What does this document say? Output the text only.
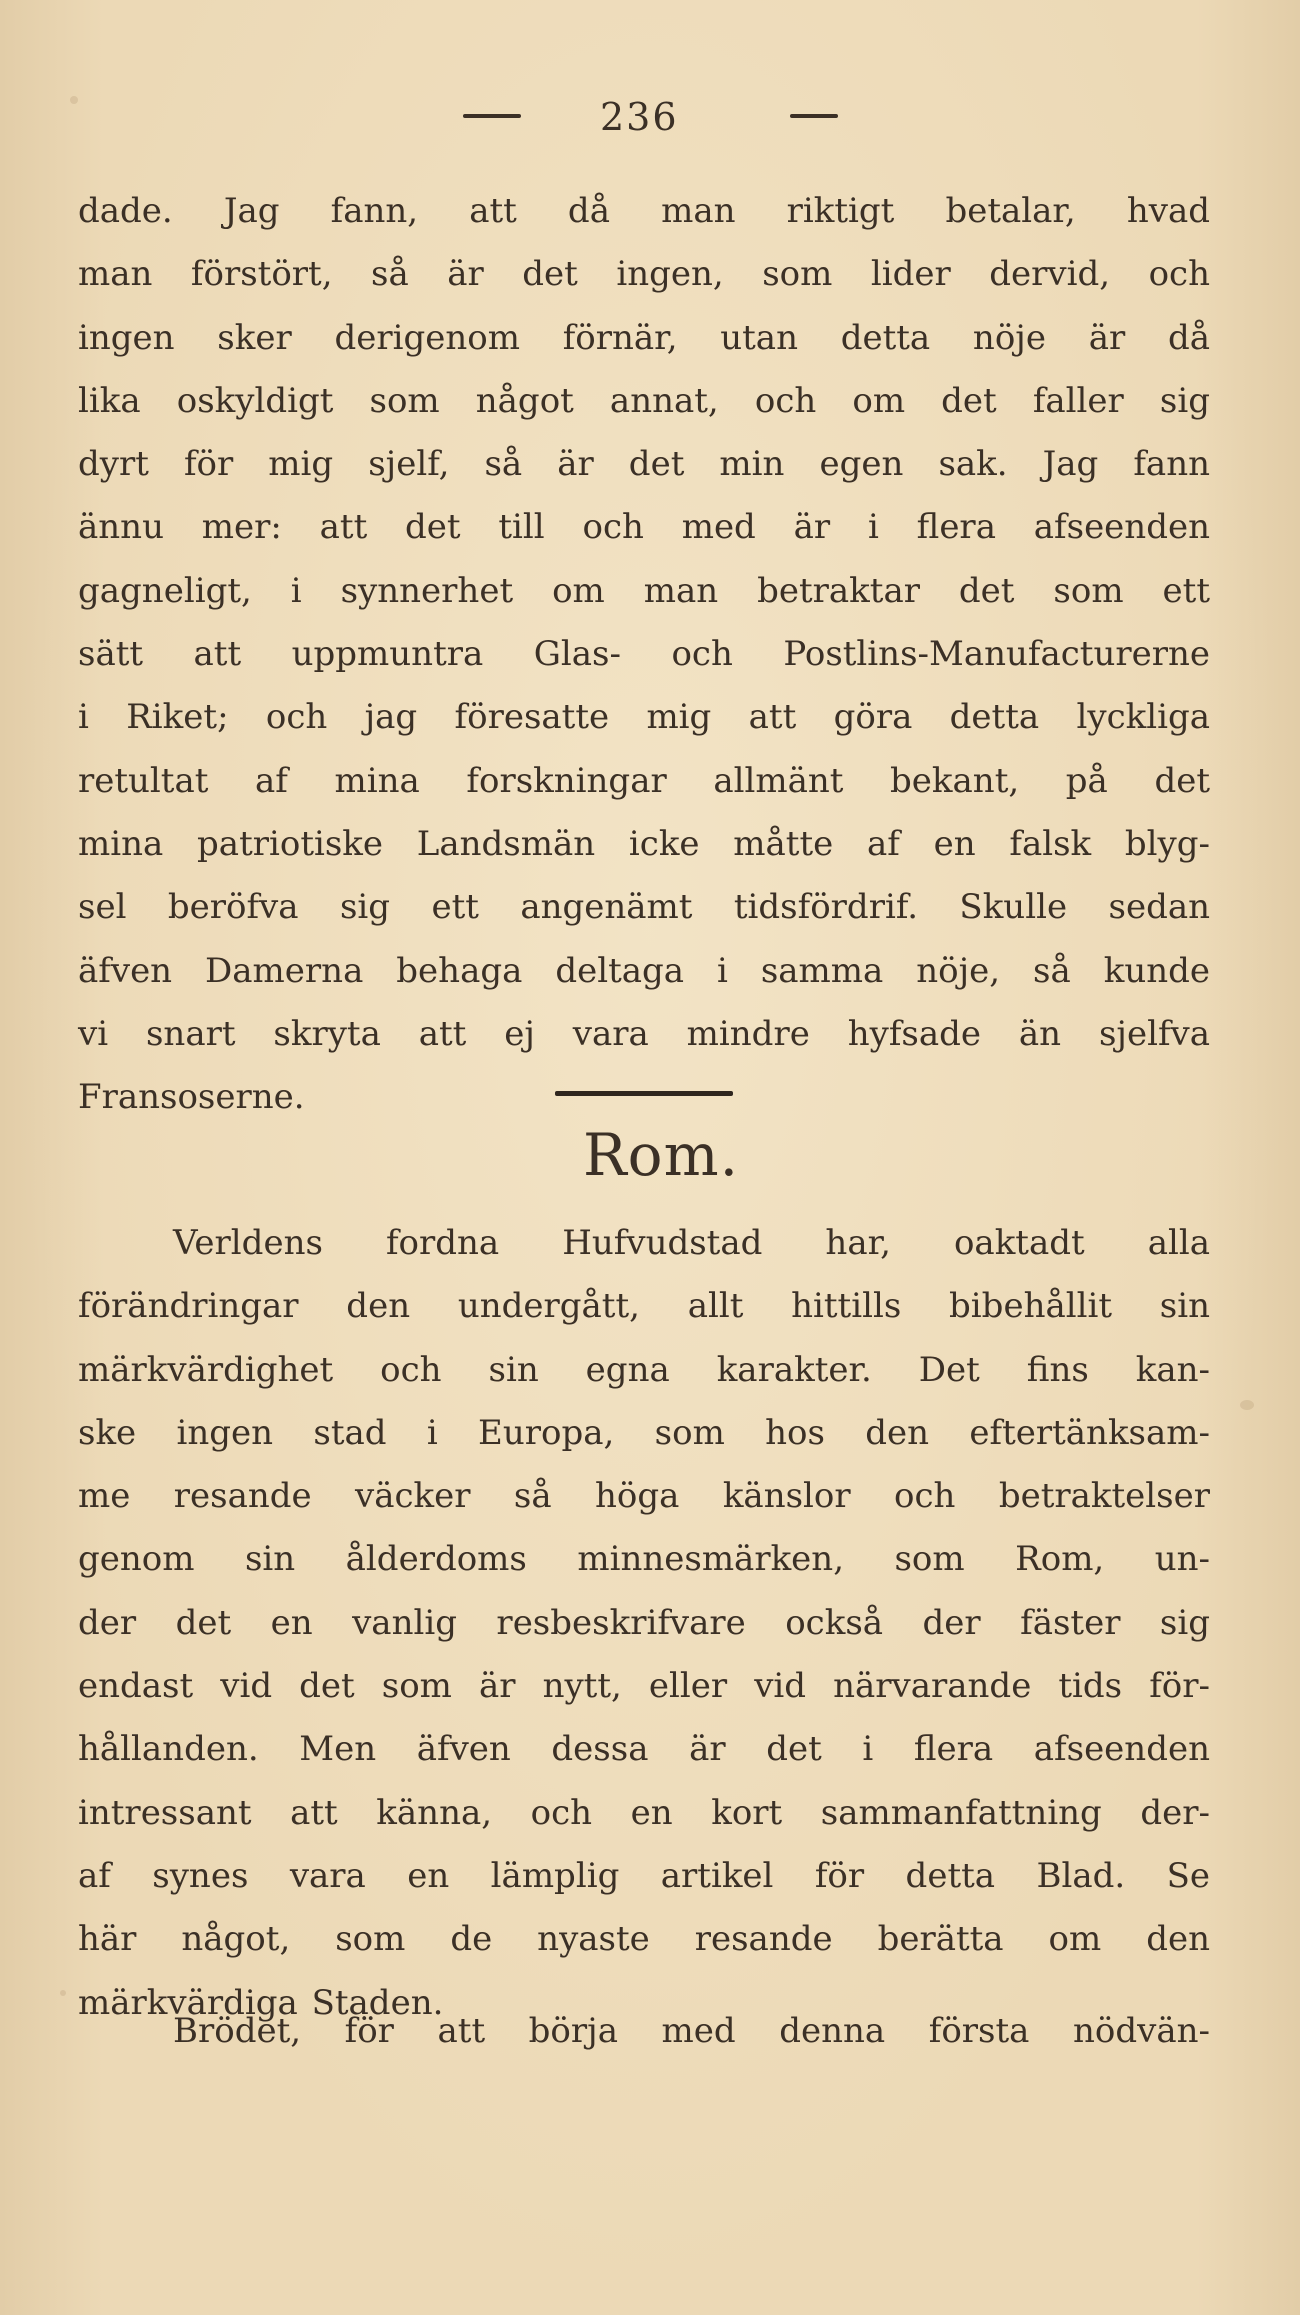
236
dade. Jag fann, att då man riktigt betalar, hvad
man förstört, så är det ingen, som lider dervid, och
ingen sker derigenom förnär, utan detta nöje är då
lika oskyldigt som något annat, och om det faller sig
dyrt för mig sjelf, så är det min egen sak. Jag fann
ännu mer: att det till och med är i flera afseenden
gagneligt, i synnerhet om man betraktar det som ett
sätt att uppmuntra Glas- och Postlins-Manufacturerne
i Riket; och jag föresatte mig att göra detta lyckliga
retultat af mina forskningar allmänt bekant, på det
mina patriotiske Landsmän icke måtte af en falsk blyg-
sel beröfva sig ett angenämt tidsfördrif. Skulle sedan
äfven Damerna behaga deltaga i samma nöje, så kunde
vi snart skryta att ej vara mindre hyfsade än sjelfva
Fransoserne.
Rom.
Verldens fordna Hufvudstad har, oaktadt alla
förändringar den undergått, allt hittills bibehållit sin
märkvärdighet och sin egna karakter. Det fins kan-
ske ingen stad i Europa, som hos den eftertänksam-
me resande väcker så höga känslor och betraktelser
genom sin ålderdoms minnesmärken, som Rom, un-
der det en vanlig resbeskrifvare också der fäster sig
endast vid det som är nytt, eller vid närvarande tids för-
hållanden. Men äfven dessa är det i flera afseenden
intressant att känna, och en kort sammanfattning der-
af synes vara en lämplig artikel för detta Blad. Se
här något, som de nyaste resande berätta om den
märkvärdiga Staden.
Brödet, för att börja med denna första nödvän-
